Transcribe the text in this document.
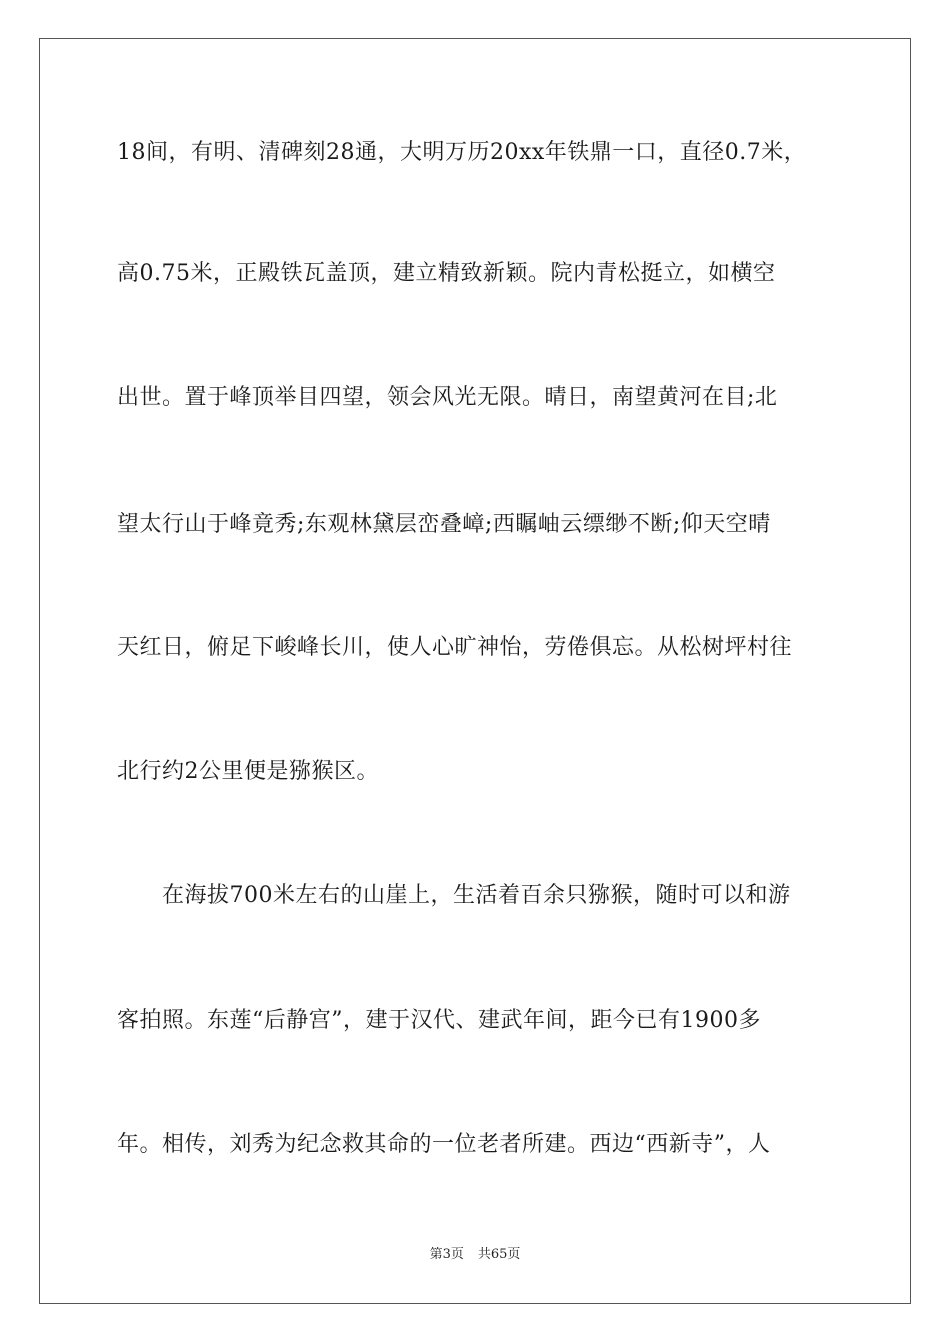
18间，有明、清碑刻28通，大明万历20xx年铁鼎一口，直径0.7米，
高0.75米，正殿铁瓦盖顶，建立精致新颖。院内青松挺立，如横空
出世。置于峰顶举目四望，领会风光无限。晴日，南望黄河在目;北
望太行山于峰竟秀;东观林黛层峦叠嶂;西瞩岫云缥缈不断;仰天空晴
天红日，俯足下峻峰长川，使人心旷神怡，劳倦俱忘。从松树坪村往
北行约2公里便是猕猴区。
　　在海拔700米左右的山崖上，生活着百余只猕猴，随时可以和游
客拍照。东莲“后静宫”，建于汉代、建武年间，距今已有1900多
年。相传，刘秀为纪念救其命的一位老者所建。西边“西新寺”，人
第3页 共65页
